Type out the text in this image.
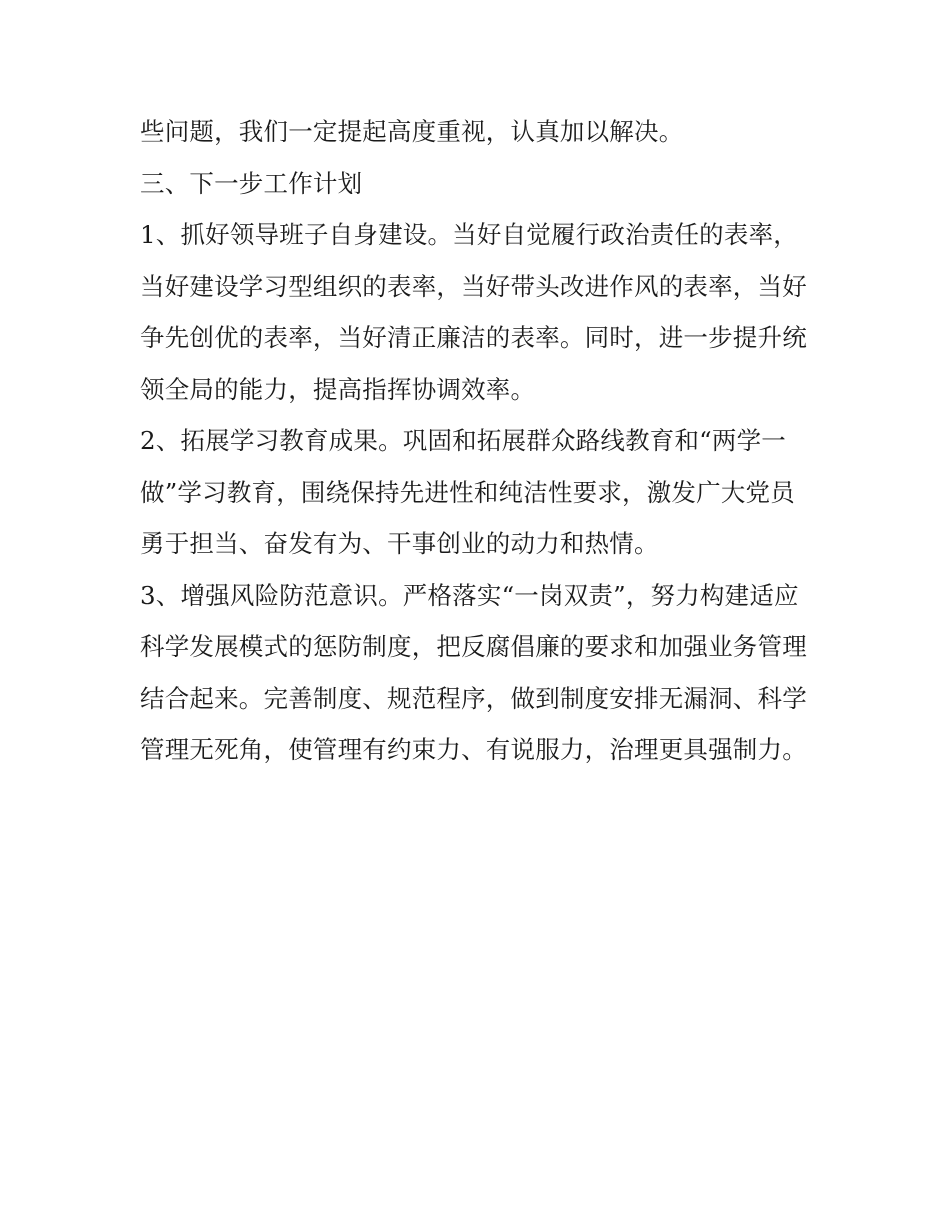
些问题，我们一定提起高度重视，认真加以解决。
三、下一步工作计划
1、抓好领导班子自身建设。当好自觉履行政治责任的表率，
当好建设学习型组织的表率，当好带头改进作风的表率，当好
争先创优的表率，当好清正廉洁的表率。同时，进一步提升统
领全局的能力，提高指挥协调效率。
2、拓展学习教育成果。巩固和拓展群众路线教育和“两学一
做”学习教育，围绕保持先进性和纯洁性要求，激发广大党员
勇于担当、奋发有为、干事创业的动力和热情。
3、增强风险防范意识。严格落实“一岗双责”，努力构建适应
科学发展模式的惩防制度，把反腐倡廉的要求和加强业务管理
结合起来。完善制度、规范程序，做到制度安排无漏洞、科学
管理无死角，使管理有约束力、有说服力，治理更具强制力。
